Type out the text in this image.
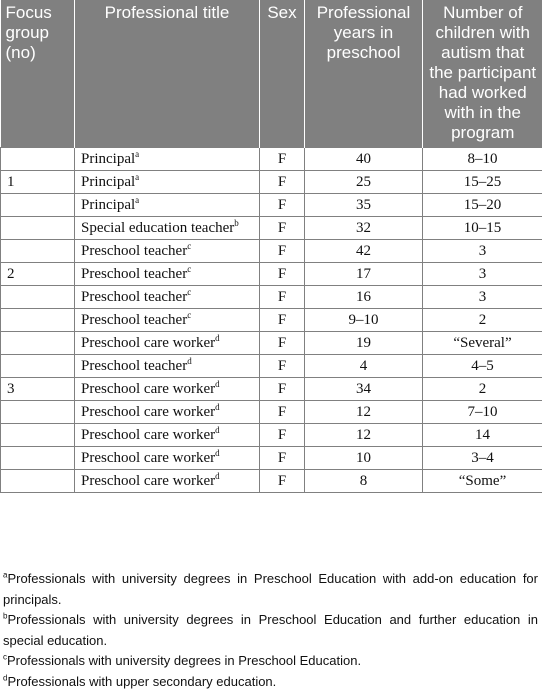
Focus group (no)	Professional title	Sex	Professional years in preschool	Number of children with autism that the participant had worked with in the program
	Principal$^a$	F	40	8–10
1	Principal$^a$	F	25	15–25
	Principal$^a$	F	35	15–20
	Special education teacher$^b$	F	32	10–15
	Preschool teacher$^c$	F	42	3
2	Preschool teacher$^c$	F	17	3
	Preschool teacher$^c$	F	16	3
	Preschool teacher$^c$	F	9–10	2
	Preschool care worker$^d$	F	19	“Several”
	Preschool teacher$^d$	F	4	4–5
3	Preschool care worker$^d$	F	34	2
	Preschool care worker$^d$	F	12	7–10
	Preschool care worker$^d$	F	12	14
	Preschool care worker$^d$	F	10	3–4
	Preschool care worker$^d$	F	8	“Some”

$^a$Professionals with university degrees in Preschool Education with add-on education for principals.

$^b$Professionals with university degrees in Preschool Education and further education in special education.

$^c$Professionals with university degrees in Preschool Education.

$^d$Professionals with upper secondary education.
